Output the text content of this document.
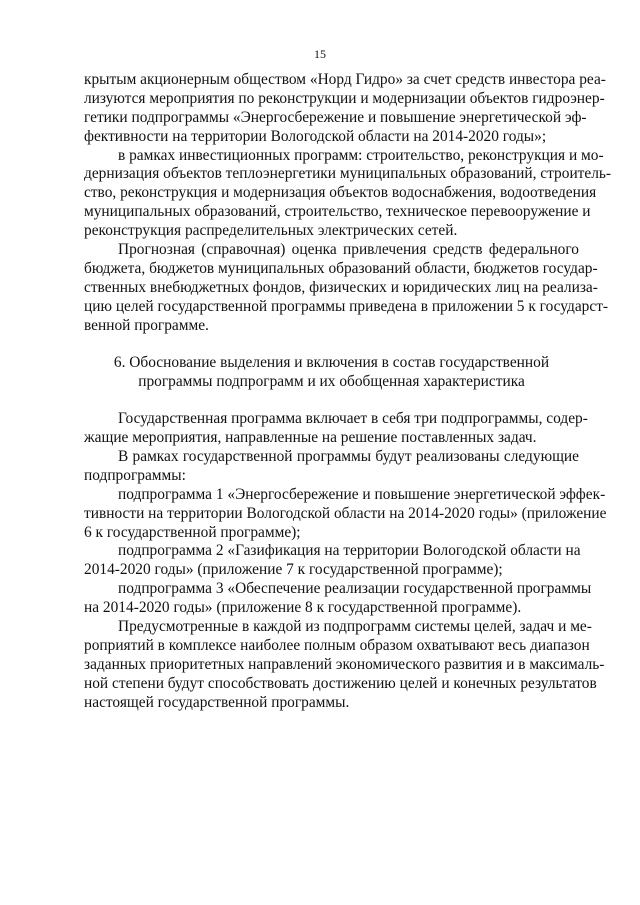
15

крытым акционерным обществом «Норд Гидро» за счет средств инвестора реа-
лизуются мероприятия по реконструкции и модернизации объектов гидроэнер-
гетики подпрограммы «Энергосбережение и повышение энергетической эф-
фективности на территории Вологодской области на 2014-2020 годы»;

в рамках инвестиционных программ: строительство, реконструкция и мо-
дернизация объектов теплоэнергетики муниципальных образований, строитель-
ство, реконструкция и модернизация объектов водоснабжения, водоотведения
муниципальных образований, строительство, техническое перевооружение и
реконструкция распределительных электрических сетей.

Прогнозная (справочная) оценка привлечения средств федерального
бюджета, бюджетов муниципальных образований области, бюджетов государ-
ственных внебюджетных фондов, физических и юридических лиц на реализа-
цию целей государственной программы приведена в приложении 5 к государст-
венной программе.

6. Обоснование выделения и включения в состав государственной
программы подпрограмм и их обобщенная характеристика

Государственная программа включает в себя три подпрограммы, содер-
жащие мероприятия, направленные на решение поставленных задач.

В рамках государственной программы будут реализованы следующие
подпрограммы:

подпрограмма 1 «Энергосбережение и повышение энергетической эффек-
тивности на территории Вологодской области на 2014-2020 годы» (приложение
6 к государственной программе);

подпрограмма 2 «Газификация на территории Вологодской области на
2014-2020 годы» (приложение 7 к государственной программе);

подпрограмма 3 «Обеспечение реализации государственной программы
на 2014-2020 годы» (приложение 8 к государственной программе).

Предусмотренные в каждой из подпрограмм системы целей, задач и ме-
роприятий в комплексе наиболее полным образом охватывают весь диапазон
заданных приоритетных направлений экономического развития и в максималь-
ной степени будут способствовать достижению целей и конечных результатов
настоящей государственной программы.
